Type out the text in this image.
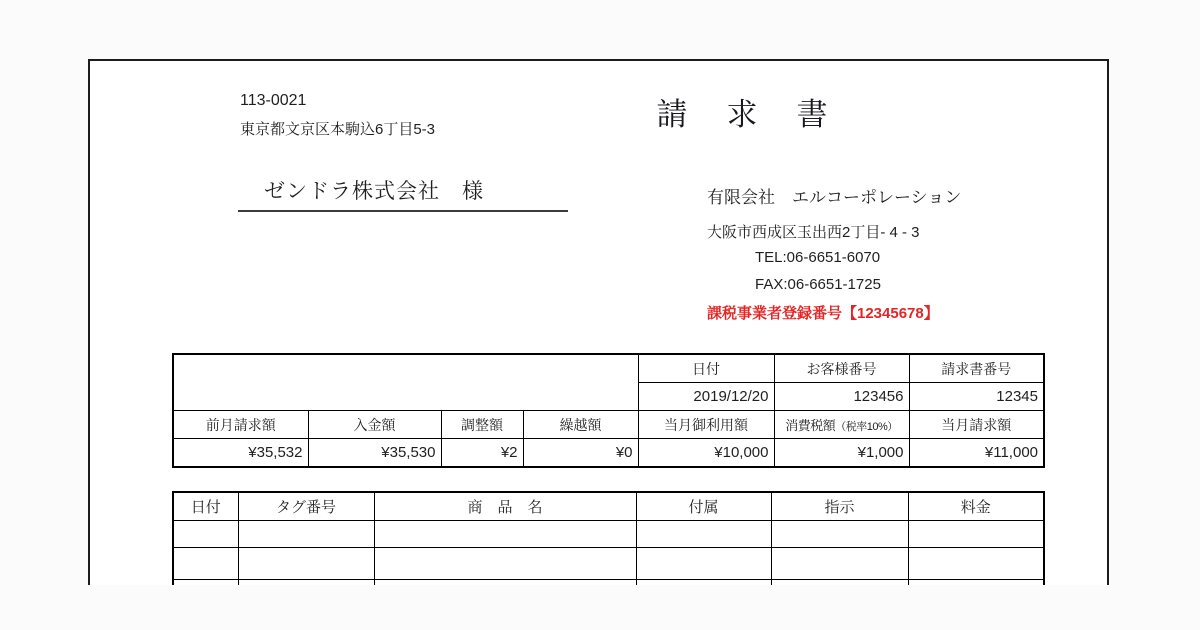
113-0021
東京都文京区本駒込6丁目5-3	請　求　書
ゼンドラ株式会社　様	有限会社　エルコーポレーション
大阪市西成区玉出西2丁目- 4 - 3
TEL:06-6651-6070
FAX:06-6651-1725
課税事業者登録番号【12345678】
				日付	お客様番号	請求書番号
				2019/12/20	123456	12345
前月請求額	入金額	調整額	繰越額	当月御利用額	消費税額（税率10%）	当月請求額
¥35,532	¥35,530	¥2	¥0	¥10,000	¥1,000	¥11,000
日付	タグ番号	商　品　名	付属	指示	料金
